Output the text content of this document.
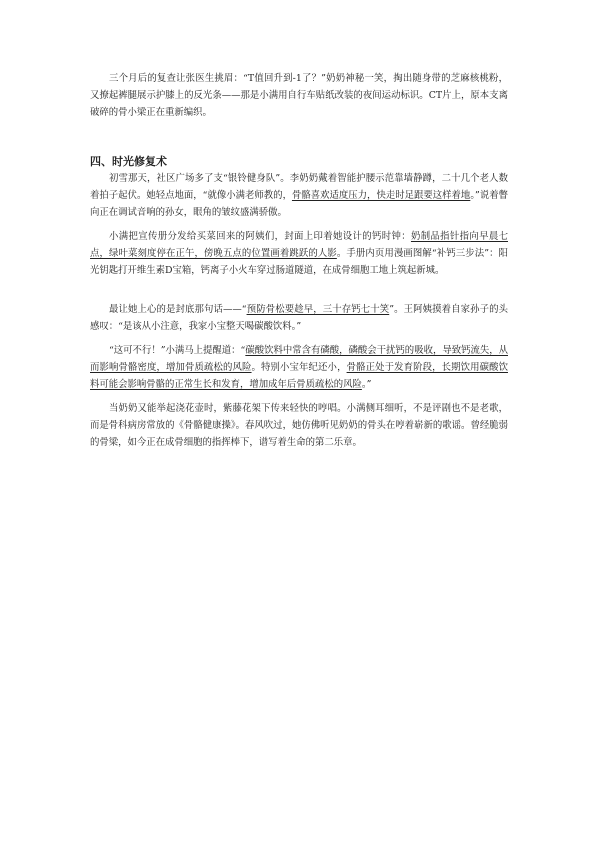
三个月后的复查让张医生挑眉：“T值回升到-1了？”奶奶神秘一笑，掏出随身带的芝麻核桃粉，又撩起裤腿展示护膝上的反光条——那是小满用自行车贴纸改装的夜间运动标识。CT片上，原本支离破碎的骨小梁正在重新编织。

四、时光修复术

初雪那天，社区广场多了支“银铃健身队”。李奶奶戴着智能护腰示范靠墙静蹲，二十几个老人数着拍子起伏。她轻点地面，“就像小满老师教的，骨骼喜欢适度压力，快走时足跟要这样着地。”说着瞥向正在调试音响的孙女，眼角的皱纹盛满骄傲。

小满把宣传册分发给买菜回来的阿姨们，封面上印着她设计的钙时钟：奶制品指针指向早晨七点，绿叶菜刻度停在正午，傍晚五点的位置画着跳跃的人影。手册内页用漫画图解“补钙三步法”：阳光钥匙打开维生素D宝箱，钙离子小火车穿过肠道隧道，在成骨细胞工地上筑起新城。

最让她上心的是封底那句话——“预防骨松要趁早，三十存钙七十笑”。王阿姨摸着自家孙子的头感叹：“是该从小注意，我家小宝整天喝碳酸饮料。”

“这可不行！”小满马上提醒道：“碳酸饮料中常含有磷酸，磷酸会干扰钙的吸收，导致钙流失，从而影响骨骼密度，增加骨质疏松的风险。特别小宝年纪还小，骨骼正处于发育阶段，长期饮用碳酸饮料可能会影响骨骼的正常生长和发育，增加成年后骨质疏松的风险。”

当奶奶又能举起浇花壶时，紫藤花架下传来轻快的哼唱。小满侧耳细听，不是评剧也不是老歌，而是骨科病房常放的《骨骼健康操》。春风吹过，她仿佛听见奶奶的骨头在哼着崭新的歌谣。曾经脆弱的骨梁，如今正在成骨细胞的指挥棒下，谱写着生命的第二乐章。
